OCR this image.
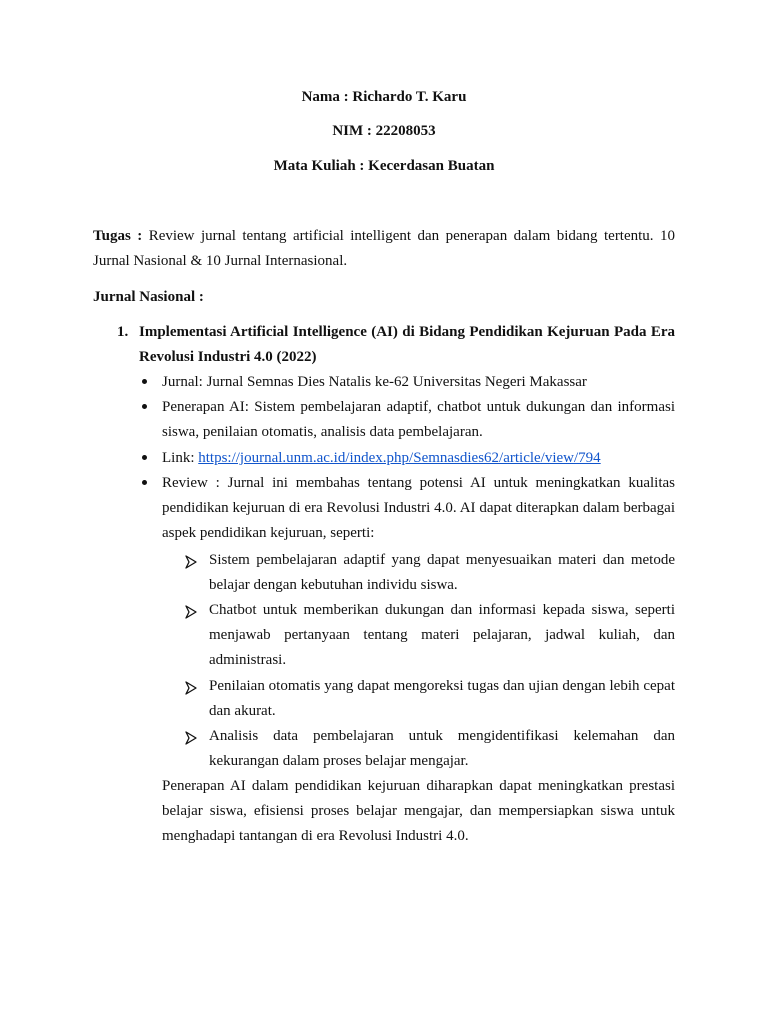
Nama : Richardo T. Karu
NIM : 22208053
Mata Kuliah : Kecerdasan Buatan

Tugas : Review jurnal tentang artificial intelligent dan penerapan dalam bidang tertentu. 10 Jurnal Nasional & 10 Jurnal Internasional.

Jurnal Nasional :
1. Implementasi Artificial Intelligence (AI) di Bidang Pendidikan Kejuruan Pada Era Revolusi Industri 4.0 (2022)

Jurnal: Jurnal Semnas Dies Natalis ke-62 Universitas Negeri Makassar

Penerapan AI: Sistem pembelajaran adaptif, chatbot untuk dukungan dan informasi siswa, penilaian otomatis, analisis data pembelajaran.

Link: https://journal.unm.ac.id/index.php/Semnasdies62/article/view/794

Review : Jurnal ini membahas tentang potensi AI untuk meningkatkan kualitas pendidikan kejuruan di era Revolusi Industri 4.0. AI dapat diterapkan dalam berbagai aspek pendidikan kejuruan, seperti:

Sistem pembelajaran adaptif yang dapat menyesuaikan materi dan metode belajar dengan kebutuhan individu siswa.

Chatbot untuk memberikan dukungan dan informasi kepada siswa, seperti menjawab pertanyaan tentang materi pelajaran, jadwal kuliah, dan administrasi.

Penilaian otomatis yang dapat mengoreksi tugas dan ujian dengan lebih cepat dan akurat.

Analisis data pembelajaran untuk mengidentifikasi kelemahan dan kekurangan dalam proses belajar mengajar.

Penerapan AI dalam pendidikan kejuruan diharapkan dapat meningkatkan prestasi belajar siswa, efisiensi proses belajar mengajar, dan mempersiapkan siswa untuk menghadapi tantangan di era Revolusi Industri 4.0.
